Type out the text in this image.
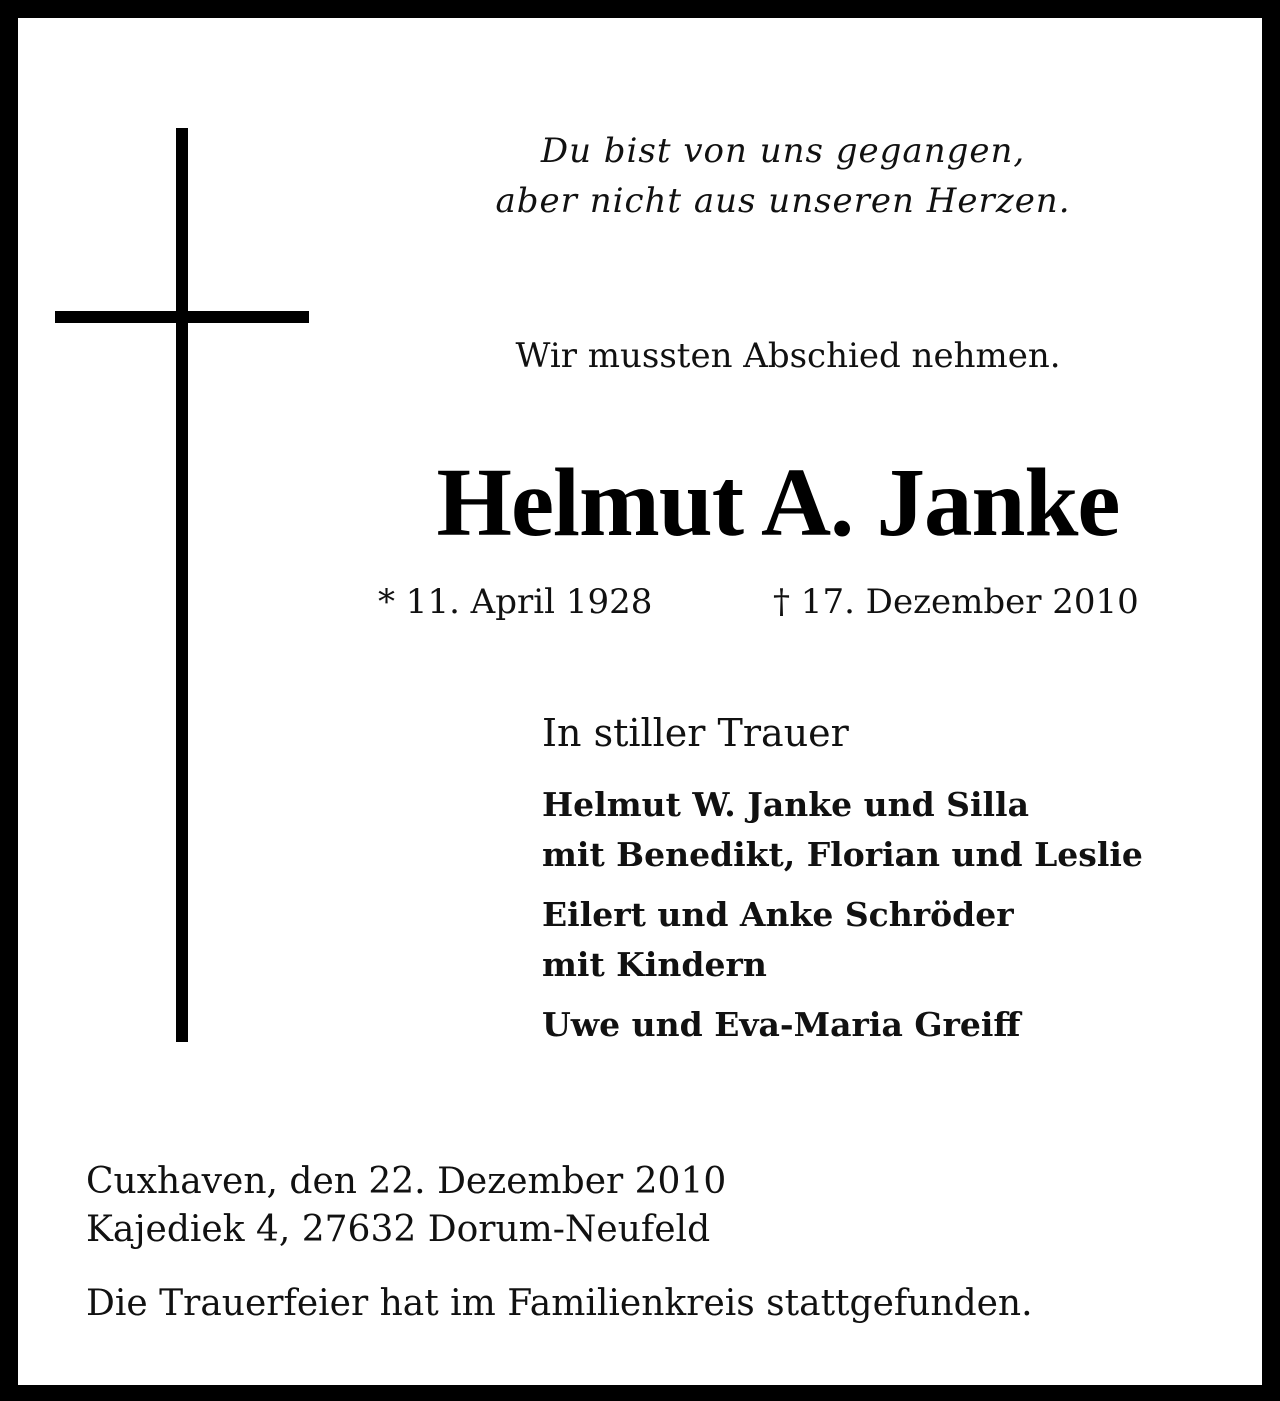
Du bist von uns gegangen,
aber nicht aus unseren Herzen.
Wir mussten Abschied nehmen.
Helmut A. Janke
* 11. April 1928	† 17. Dezember 2010
In stiller Trauer
Helmut W. Janke und Silla
mit Benedikt, Florian und Leslie
Eilert und Anke Schröder
mit Kindern
Uwe und Eva-Maria Greiff
Cuxhaven, den 22. Dezember 2010
Kajediek 4, 27632 Dorum-Neufeld
Die Trauerfeier hat im Familienkreis stattgefunden.
